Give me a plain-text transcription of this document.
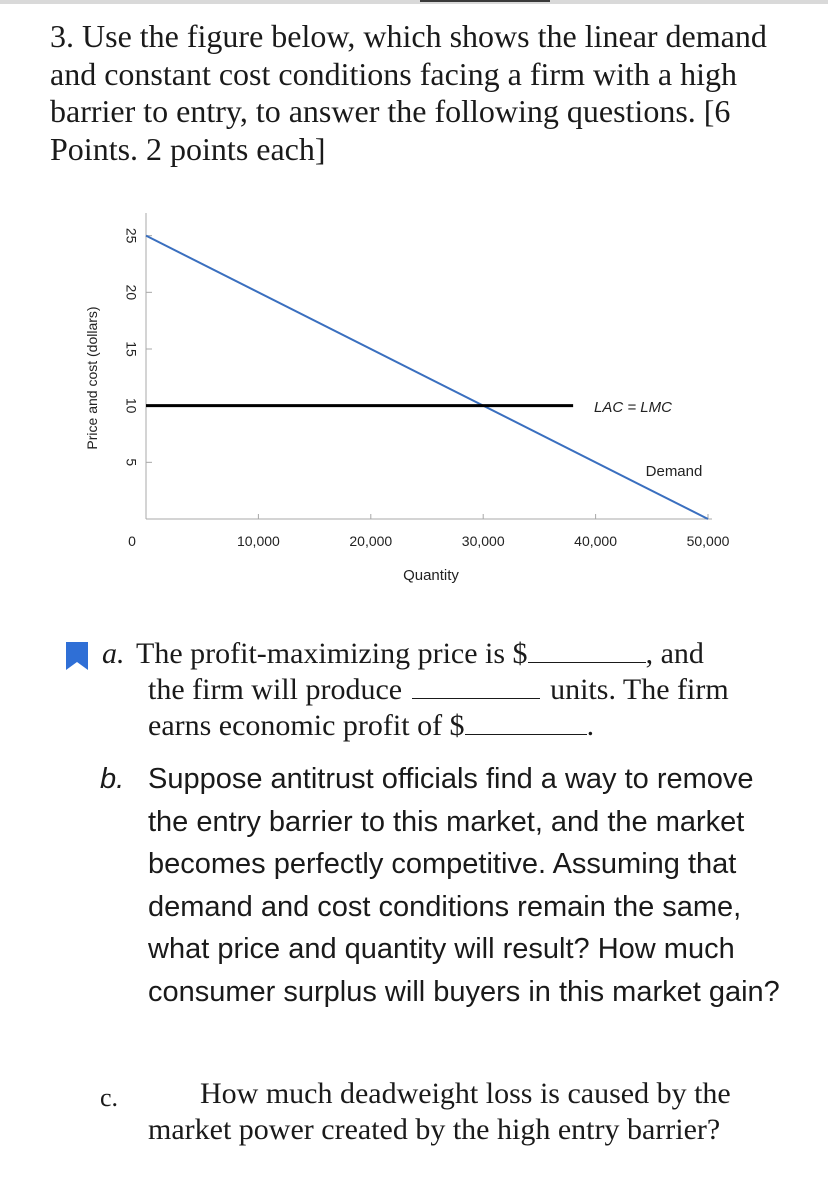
3. Use the figure below, which shows the linear demand and constant cost conditions facing a firm with a high barrier to entry, to answer the following questions. [6 Points. 2 points each]

5
10
15
20
25
0	10,000	20,000	30,000	40,000	50,000
Price and cost (dollars)
Quantity
LAC = LMC
Demand
a. The profit-maximizing price is $	, and
the firm will produce	units. The firm
earns economic profit of $	.
b. Suppose antitrust officials find a way to remove the entry barrier to this market, and the market becomes perfectly competitive. Assuming that demand and cost conditions remain the same, what price and quantity will result? How much consumer surplus will buyers in this market gain?
c.	How much deadweight loss is caused by the
market power created by the high entry barrier?
